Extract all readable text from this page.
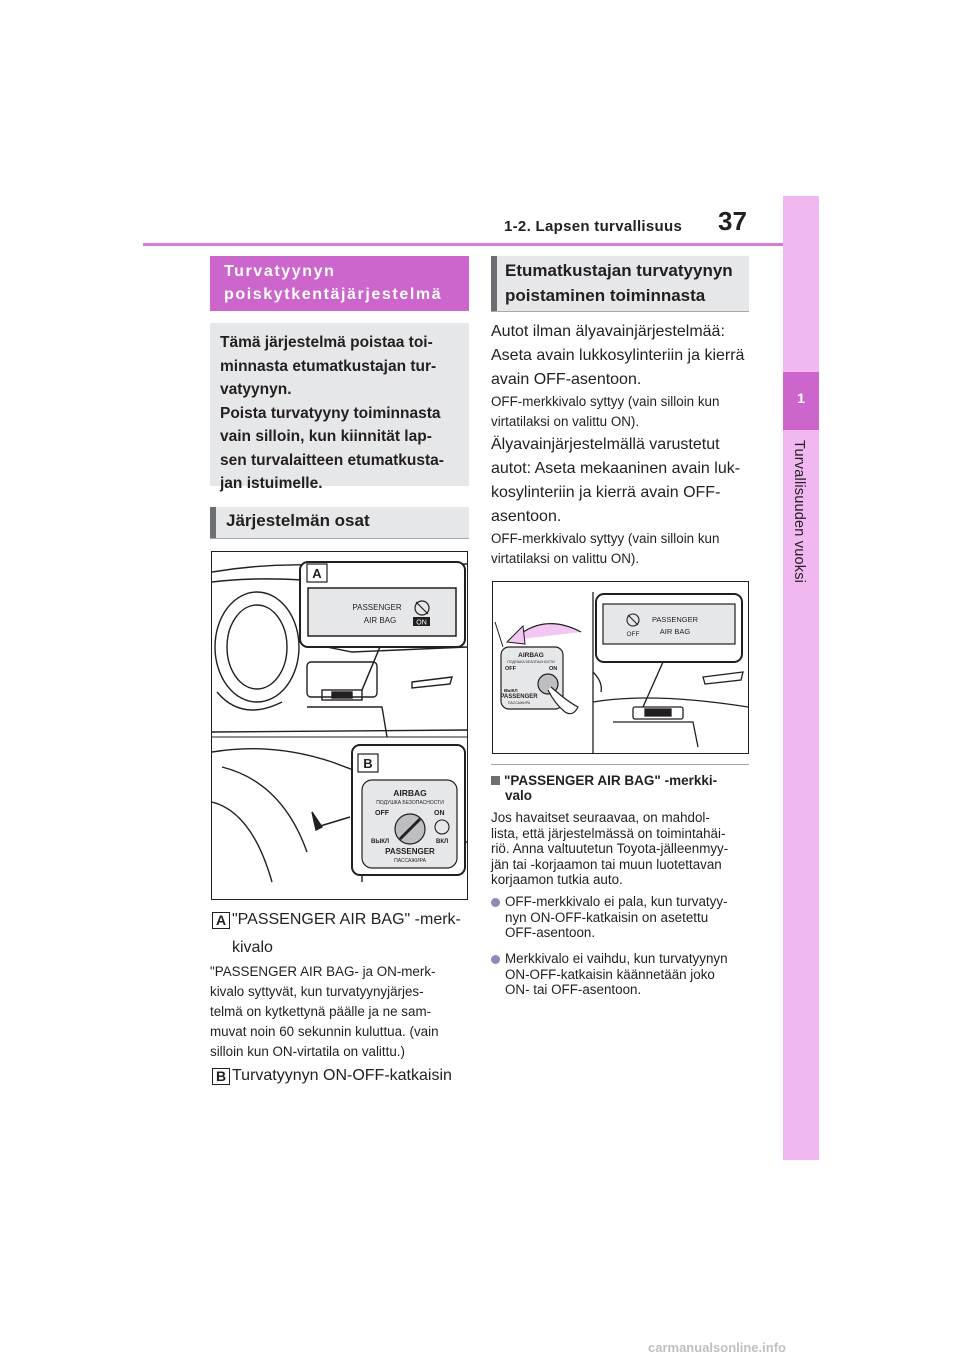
1-2. Lapsen turvallisuus 37
1
Turvallisuuden vuoksi
Turvatyynyn
poiskytkentäjärjestelmä
Tämä järjestelmä poistaa toi-
minnasta etumatkustajan tur-
vatyynyn.
Poista turvatyyny toiminnasta
vain silloin, kun kiinnität lap-
sen turvalaitteen etumatkusta-
jan istuimelle.
Järjestelmän osat
A
PASSENGER
AIR BAG	ON
B
AIRBAG
ПОДУШКА БЕЗОПАСНОСТИ
OFF	ON
ВЫКЛ	ВКЛ
PASSENGER
ПАССАЖИРА
A "PASSENGER AIR BAG" -merk-
kivalo
"PASSENGER AIR BAG- ja ON-merk-
kivalo syttyvät, kun turvatyynyjärjes-
telmä on kytkettynä päälle ja ne sam-
muvat noin 60 sekunnin kuluttua. (vain
silloin kun ON-virtatila on valittu.)
B Turvatyynyn ON-OFF-katkaisin
Etumatkustajan turvatyynyn
poistaminen toiminnasta
Autot ilman älyavainjärjestelmää:
Aseta avain lukkosylinteriin ja kierrä
avain OFF-asentoon.
OFF-merkkivalo syttyy (vain silloin kun
virtatilaksi on valittu ON).
Älyavainjärjestelmällä varustetut
autot: Aseta mekaaninen avain luk-
kosylinteriin ja kierrä avain OFF-
asentoon.
OFF-merkkivalo syttyy (vain silloin kun
virtatilaksi on valittu ON).
OFF
PASSENGER
AIR BAG
AIRBAG
ПОДУШКА БЕЗОПАСНОСТИ
OFF	ON
ВЫКЛ
PASSENGER
ПАССАЖИРА
"PASSENGER AIR BAG" -merkki-
valo
Jos havaitset seuraavaa, on mahdol-
lista, että järjestelmässä on toimintahäi-
riö. Anna valtuutetun Toyota-jälleenmyy-
jän tai -korjaamon tai muun luotettavan
korjaamon tutkia auto.
OFF-merkkivalo ei pala, kun turvatyy-
nyn ON-OFF-katkaisin on asetettu
OFF-asentoon.
Merkkivalo ei vaihdu, kun turvatyynyn
ON-OFF-katkaisin käännetään joko
ON- tai OFF-asentoon.
carmanualsonline.info
